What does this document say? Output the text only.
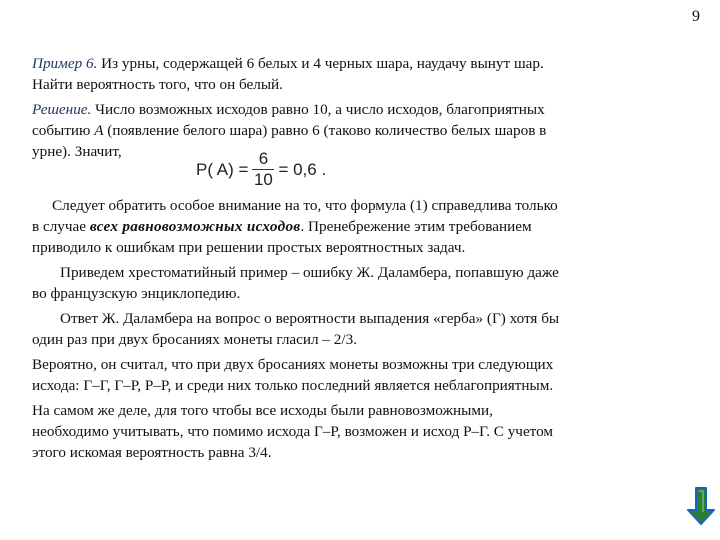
9

Пример 6. Из урны, содержащей 6 белых и 4 черных шара, наудачу вынут шар.
Найти вероятность того, что он белый.

Решение. Число возможных исходов равно 10, а число исходов, благоприятных
событию A (появление белого шара) равно 6 (таково количество белых шаров в
урне). Значит,

Следует обратить особое внимание на то, что формула (1) справедлива только
в случае всех равновозможных исходов. Пренебрежение этим требованием
приводило к ошибкам при решении простых вероятностных задач.

Приведем хрестоматийный пример – ошибку Ж. Даламбера, попавшую даже
во французскую энциклопедию.

Ответ Ж. Даламбера на вопрос о вероятности выпадения «герба» (Г) хотя бы
один раз при двух бросаниях монеты гласил – 2/3.

Вероятно, он считал, что при двух бросаниях монеты возможны три следующих
исхода: Г–Г, Г–Р, Р–Р, и среди них только последний является неблагоприятным.

На самом же деле, для того чтобы все исходы были равновозможными,
необходимо учитывать, что помимо исхода Г–Р, возможен и исход Р–Г. С учетом
этого искомая вероятность равна 3/4.

P( $A) = \frac{6}{10} = 0,6$ .
